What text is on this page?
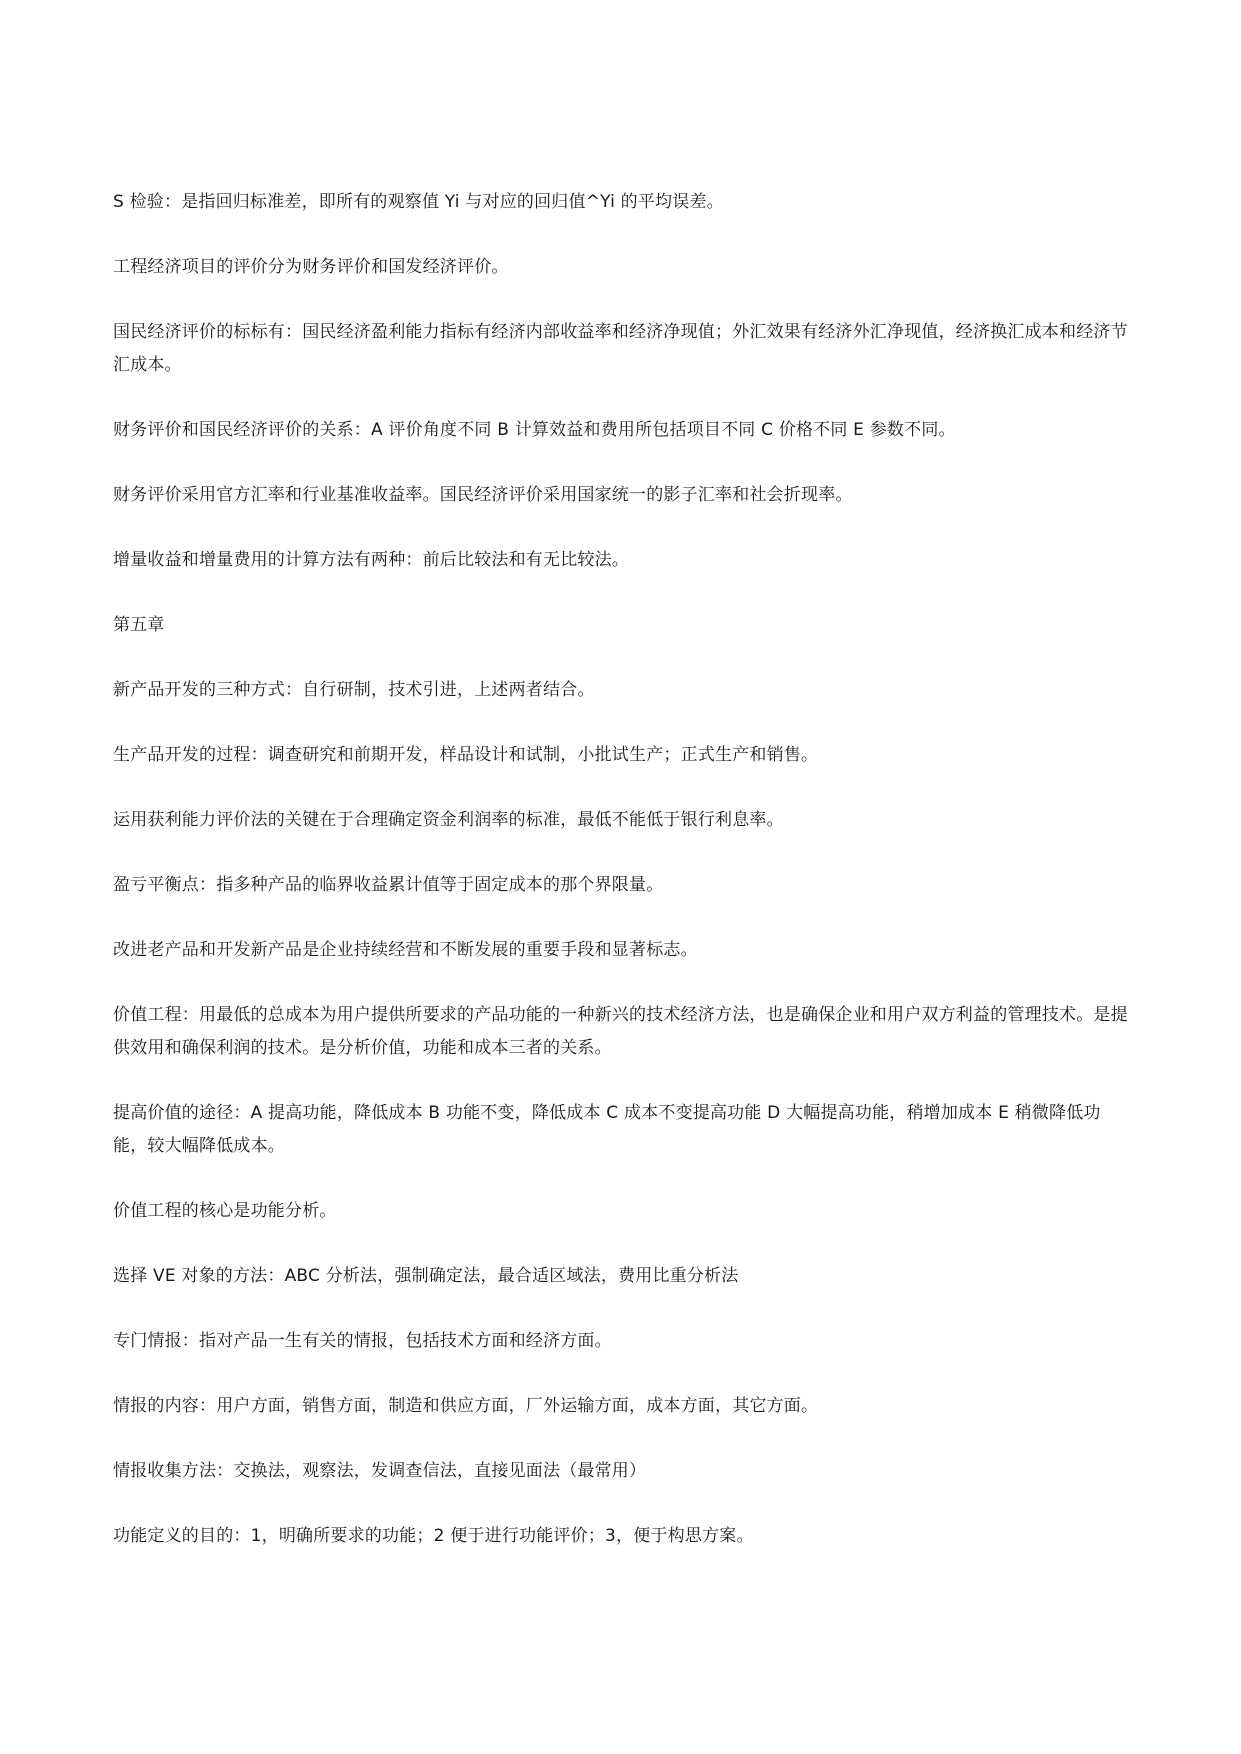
S 检验：是指回归标准差，即所有的观察值 Yi 与对应的回归值^Yi 的平均误差。

工程经济项目的评价分为财务评价和国发经济评价。

国民经济评价的标标有：国民经济盈利能力指标有经济内部收益率和经济净现值；外汇效果有经济外汇净现值，经济换汇成本和经济节汇成本。

财务评价和国民经济评价的关系：A 评价角度不同 B 计算效益和费用所包括项目不同 C 价格不同 E 参数不同。

财务评价采用官方汇率和行业基准收益率。国民经济评价采用国家统一的影子汇率和社会折现率。

增量收益和增量费用的计算方法有两种：前后比较法和有无比较法。

第五章

新产品开发的三种方式：自行研制，技术引进，上述两者结合。

生产品开发的过程：调查研究和前期开发，样品设计和试制，小批试生产；正式生产和销售。

运用获利能力评价法的关键在于合理确定资金利润率的标准，最低不能低于银行利息率。

盈亏平衡点：指多种产品的临界收益累计值等于固定成本的那个界限量。

改进老产品和开发新产品是企业持续经营和不断发展的重要手段和显著标志。

价值工程：用最低的总成本为用户提供所要求的产品功能的一种新兴的技术经济方法，也是确保企业和用户双方利益的管理技术。是提供效用和确保利润的技术。是分析价值，功能和成本三者的关系。

提高价值的途径：A 提高功能，降低成本 B 功能不变，降低成本 C 成本不变提高功能 D 大幅提高功能，稍增加成本 E 稍微降低功能，较大幅降低成本。

价值工程的核心是功能分析。

选择 VE 对象的方法：ABC 分析法，强制确定法，最合适区域法，费用比重分析法

专门情报：指对产品一生有关的情报，包括技术方面和经济方面。

情报的内容：用户方面，销售方面，制造和供应方面，厂外运输方面，成本方面，其它方面。

情报收集方法：交换法，观察法，发调查信法，直接见面法（最常用）

功能定义的目的：1，明确所要求的功能；2 便于进行功能评价；3，便于构思方案。
